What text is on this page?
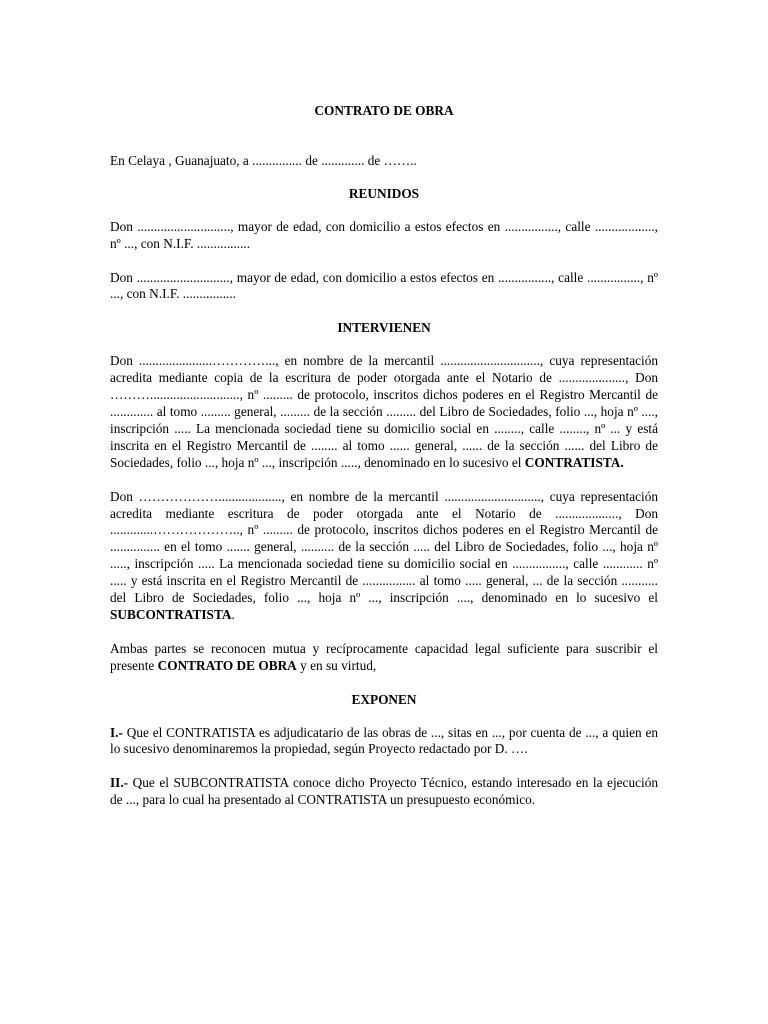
CONTRATO DE OBRA

En Celaya , Guanajuato, a ............... de ............. de ……..

REUNIDOS

Don ............................, mayor de edad, con domicilio a estos efectos en ................, calle .................., nº ..., con N.I.F. ................

Don ............................, mayor de edad, con domicilio a estos efectos en ................, calle ................, nº ..., con N.I.F. ................

INTERVIENEN

Don ......................…………..., en nombre de la mercantil .............................., cuya representación acredita mediante copia de la escritura de poder otorgada ante el Notario de ...................., Don ………..........................., nº ......... de protocolo, inscritos dichos poderes en el Registro Mercantil de ............. al tomo ......... general, ......... de la sección ......... del Libro de Sociedades, folio ..., hoja nº ...., inscripción ..... La mencionada sociedad tiene su domicilio social en ........, calle ........, nº ... y está inscrita en el Registro Mercantil de ........ al tomo ...... general, ...... de la sección ...... del Libro de Sociedades, folio ..., hoja nº ..., inscripción ....., denominado en lo sucesivo el CONTRATISTA.

Don ………………..................., en nombre de la mercantil ............................., cuya representación acredita mediante escritura de poder otorgada ante el Notario de ..................., Don .............……………….., nº ......... de protocolo, inscritos dichos poderes en el Registro Mercantil de ............... en el tomo ....... general, .......... de la sección ..... del Libro de Sociedades, folio ..., hoja nº ....., inscripción ..... La mencionada sociedad tiene su domicilio social en ................, calle ............ nº ..... y está inscrita en el Registro Mercantil de ................ al tomo ..... general, ... de la sección ........... del Libro de Sociedades, folio ..., hoja nº ..., inscripción ...., denominado en lo sucesivo el SUBCONTRATISTA.

Ambas partes se reconocen mutua y recíprocamente capacidad legal suficiente para suscribir el presente CONTRATO DE OBRA y en su virtud,

EXPONEN

I.- Que el CONTRATISTA es adjudicatario de las obras de ..., sitas en ..., por cuenta de ..., a quien en lo sucesivo denominaremos la propiedad, según Proyecto redactado por D. ….

II.- Que el SUBCONTRATISTA conoce dicho Proyecto Técnico, estando interesado en la ejecución de ..., para lo cual ha presentado al CONTRATISTA un presupuesto económico.
